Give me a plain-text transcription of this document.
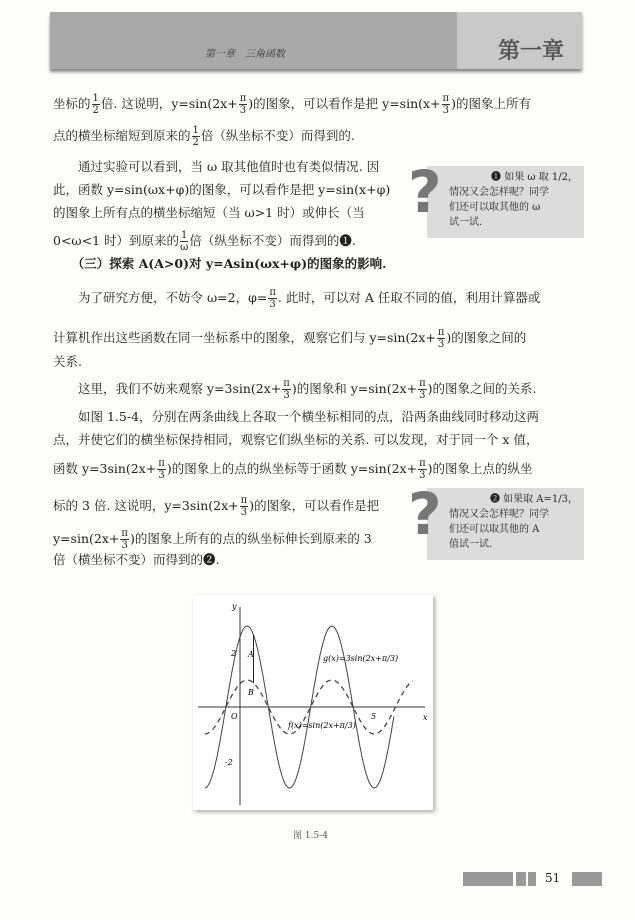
第一章　三角函数	第一章
坐标的 $\frac{1}{2}$ 倍. 这说明，$y=\sin(2x+ \frac{\pi}{3}$ )的图象，可以看作是把 $y=\sin(x+ \frac{\pi}{3}$ )的图象上所有
点的横坐标缩短到原来的 $\frac{1}{2}$ 倍（纵坐标不变）而得到的.
　　通过实验可以看到，当 ω 取其他值时也有类似情况. 因
此，函数 y=sin(ωx+φ)的图象，可以看作是把 y=sin(x+φ)
的图象上所有点的横坐标缩短（当 ω>1 时）或伸长（当
0<ω<1 时）到原来的 $\frac{1}{\omega}$ 倍（纵坐标不变）而得到的❶.
　　（三）探索 A(A>0)对 y=Asin(ωx+φ)的图象的影响.
　　为了研究方便，不妨令 ω=2，$\varphi= \frac{\pi}{3}$ . 此时，可以对 A 任取不同的值，利用计算器或
计算机作出这些函数在同一坐标系中的图象，观察它们与 $y=\sin(2x+ \frac{\pi}{3}$ )的图象之间的
关系.
　　这里，我们不妨来观察 $y=3\sin(2x+ \frac{\pi}{3}$ )的图象和 $y=\sin(2x+ \frac{\pi}{3}$ )的图象之间的关系.
　　如图 1.5-4，分别在两条曲线上各取一个横坐标相同的点，沿两条曲线同时移动这两
点，并使它们的横坐标保持相同，观察它们纵坐标的关系. 可以发现，对于同一个 x 值，
函数 $y=3\sin(2x+ \frac{\pi}{3}$ )的图象上的点的纵坐标等于函数 $y=\sin(2x+ \frac{\pi}{3}$ )的图象上点的纵坐
标的 3 倍. 这说明，$y=3\sin(2x+ \frac{\pi}{3}$ )的图象，可以看作是把
$y=\sin(2x+ \frac{\pi}{3}$ )的图象上所有的点的纵坐标伸长到原来的 3
倍（横坐标不变）而得到的❷.
?	❶ 如果 ω 取 1/2，
情况又会怎样呢？同学
们还可以取其他的 ω
试一试.
?	❷ 如果取 A=1/3，
情况又会怎样呢？同学
们还可以取其他的 A
值试一试.
y
x
O
2
-2
5
A
B
g(x)=3sin(2x+π/3)
f(x)=sin(2x+π/3)
图 1.5-4
51
